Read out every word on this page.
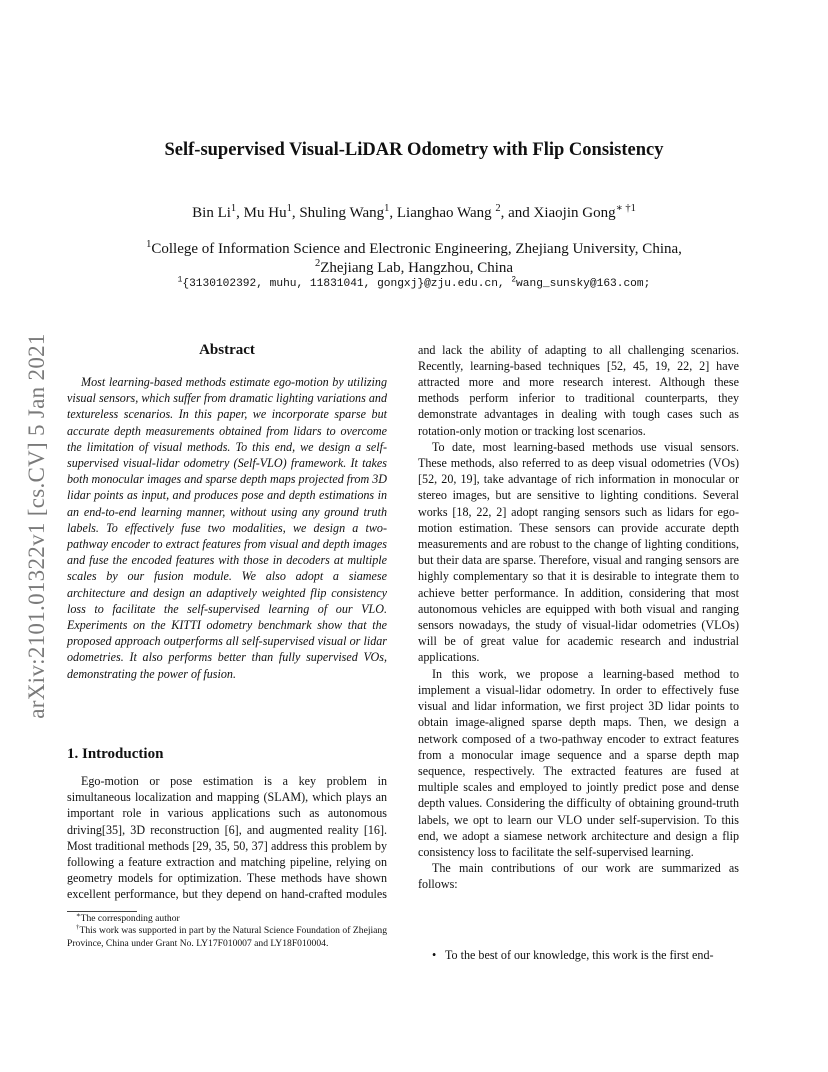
arXiv:2101.01322v1 [cs.CV] 5 Jan 2021
Self-supervised Visual-LiDAR Odometry with Flip Consistency
Bin Li$^1$, Mu Hu$^1$, Shuling Wang$^1$, Lianghao Wang $^2$, and Xiaojin Gong$^{∗ \dagger 1}$
$^1$College of Information Science and Electronic Engineering, Zhejiang University, China,
$^2$Zhejiang Lab, Hangzhou, China
$^1${3130102392, muhu, 11831041, gongxj}@zju.edu.cn, $^2$wang_sunsky@163.com;
Abstract

Most learning-based methods estimate ego-motion by utilizing visual sensors, which suffer from dramatic lighting variations and textureless scenarios. In this paper, we incorporate sparse but accurate depth measurements obtained from lidars to overcome the limitation of visual methods. To this end, we design a self-supervised visual-lidar odometry (Self-VLO) framework. It takes both monocular images and sparse depth maps projected from 3D lidar points as input, and produces pose and depth estimations in an end-to-end learning manner, without using any ground truth labels. To effectively fuse two modalities, we design a two-pathway encoder to extract features from visual and depth images and fuse the encoded features with those in decoders at multiple scales by our fusion module. We also adopt a siamese architecture and design an adaptively weighted flip consistency loss to facilitate the self-supervised learning of our VLO. Experiments on the KITTI odometry benchmark show that the proposed approach outperforms all self-supervised visual or lidar odometries. It also performs better than fully supervised VOs, demonstrating the power of fusion.

1. Introduction

Ego-motion or pose estimation is a key problem in simultaneous localization and mapping (SLAM), which plays an important role in various applications such as autonomous driving[35], 3D reconstruction [6], and augmented reality [16]. Most traditional methods [29, 35, 50, 37] address this problem by following a feature extraction and matching pipeline, relying on geometry models for optimization. These methods have shown excellent performance, but they depend on hand-crafted modules

∗The corresponding author

†This work was supported in part by the Natural Science Foundation of Zhejiang Province, China under Grant No. LY17F010007 and LY18F010004.

and lack the ability of adapting to all challenging scenarios. Recently, learning-based techniques [52, 45, 19, 22, 2] have attracted more and more research interest. Although these methods perform inferior to traditional counterparts, they demonstrate advantages in dealing with tough cases such as rotation-only motion or tracking lost scenarios.

To date, most learning-based methods use visual sensors. These methods, also referred to as deep visual odometries (VOs) [52, 20, 19], take advantage of rich information in monocular or stereo images, but are sensitive to lighting conditions. Several works [18, 22, 2] adopt ranging sensors such as lidars for ego-motion estimation. These sensors can provide accurate depth measurements and are robust to the change of lighting conditions, but their data are sparse. Therefore, visual and ranging sensors are highly complementary so that it is desirable to integrate them to achieve better performance. In addition, considering that most autonomous vehicles are equipped with both visual and ranging sensors nowadays, the study of visual-lidar odometries (VLOs) will be of great value for academic research and industrial applications.

In this work, we propose a learning-based method to implement a visual-lidar odometry. In order to effectively fuse visual and lidar information, we first project 3D lidar points to obtain image-aligned sparse depth maps. Then, we design a network composed of a two-pathway encoder to extract features from a monocular image sequence and a sparse depth map sequence, respectively. The extracted features are fused at multiple scales and employed to jointly predict pose and dense depth values. Considering the difficulty of obtaining ground-truth labels, we opt to learn our VLO under self-supervision. To this end, we adopt a siamese network architecture and design a flip consistency loss to facilitate the self-supervised learning.

The main contributions of our work are summarized as follows:

• To the best of our knowledge, this work is the first end-
